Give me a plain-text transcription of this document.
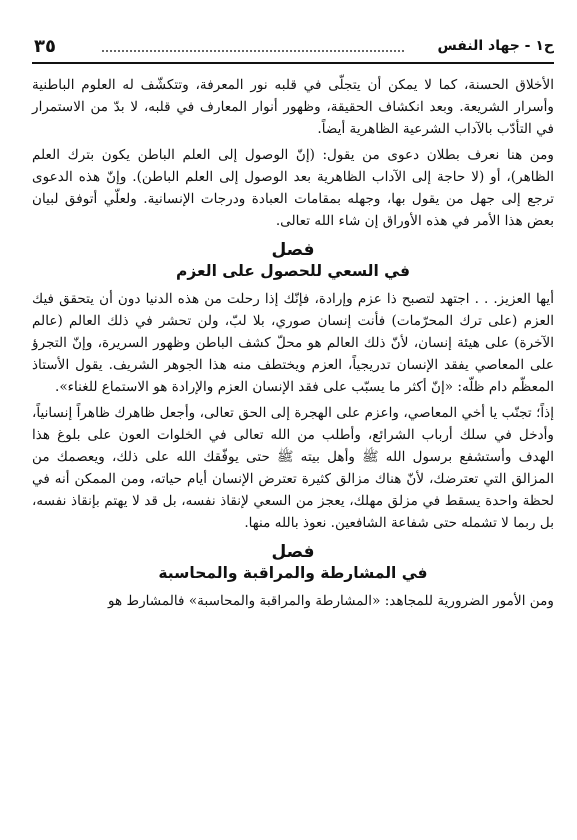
ح١ - جهاد النفس
٣٥

الأخلاق الحسنة، كما لا يمكن أن يتجلّى في قلبه نور المعرفة، وتتكشّف له العلوم الباطنية وأسرار الشريعة. وبعد انكشاف الحقيقة، وظهور أنوار المعارف في قلبه، لا بدّ من الاستمرار في التأدّب بالآداب الشرعية الظاهرية أيضاً.

ومن هنا نعرف بطلان دعوى من يقول: (إنّ الوصول إلى العلم الباطن يكون بترك العلم الظاهر)، أو (لا حاجة إلى الآداب الظاهرية بعد الوصول إلى العلم الباطن). وإنّ هذه الدعوى ترجع إلى جهل من يقول بها، وجهله بمقامات العبادة ودرجات الإنسانية. ولعلّي أتوفق لبيان بعض هذا الأمر في هذه الأوراق إن شاء الله تعالى.

فصل
في السعي للحصول على العزم

أيها العزيز. . . اجتهد لتصبح ذا عزم وإرادة، فإنّك إذا رحلت من هذه الدنيا دون أن يتحقق فيك العزم (على ترك المحرّمات) فأنت إنسان صوري، بلا لبّ، ولن تحشر في ذلك العالم (عالم الآخرة) على هيئة إنسان، لأنّ ذلك العالم هو محلّ كشف الباطن وظهور السريرة، وإنّ التجرؤ على المعاصي يفقد الإنسان تدريجياً، العزم ويختطف منه هذا الجوهر الشريف. يقول الأستاذ المعظّم دام ظلّه: «إنّ أكثر ما يسبّب على فقد الإنسان العزم والإرادة هو الاستماع للغناء».

إذاً؛ تجنّب يا أخي المعاصي، واعزم على الهجرة إلى الحق تعالى، وأجعل ظاهرك ظاهراً إنسانياً، وأدخل في سلك أرباب الشرائع، وأطلب من الله تعالى في الخلوات العون على بلوغ هذا الهدف وأستشفع برسول الله ﷺ وأهل بيته ﷺ حتى يوفّقك الله على ذلك، ويعصمك من المزالق التي تعترضك، لأنّ هناك مزالق كثيرة تعترض الإنسان أيام حياته، ومن الممكن أنه في لحظة واحدة يسقط في مزلق مهلك، يعجز من السعي لإنقاذ نفسه، بل قد لا يهتم بإنقاذ نفسه، بل ربما لا تشمله حتى شفاعة الشافعين. نعوذ بالله منها.

فصل
في المشارطة والمراقبة والمحاسبة

ومن الأمور الضرورية للمجاهد: «المشارطة والمراقبة والمحاسبة» فالمشارط هو
